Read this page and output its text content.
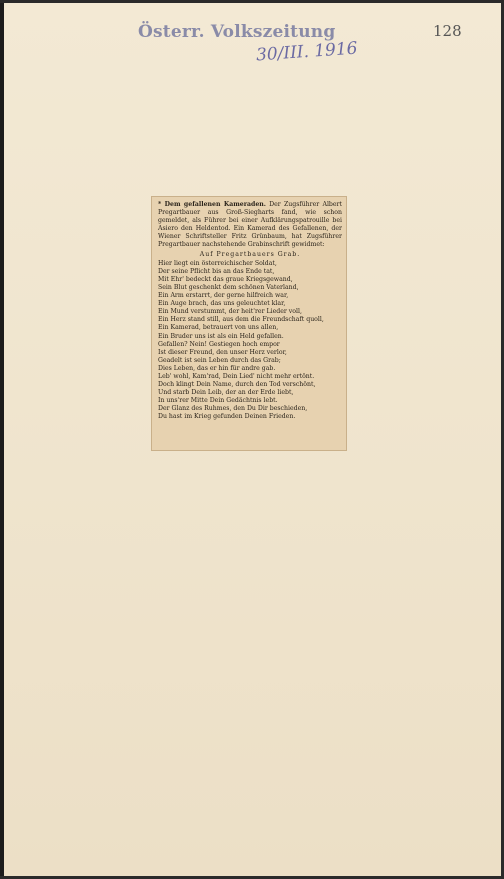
Österr. Volkszeitung
30/III. 1916
128

* Dem gefallenen Kameraden. Der Zugsführer Albert Pregartbauer aus Groß-Siegharts fand, wie schon gemeldet, als Führer bei einer Aufklärungspatrouille bei Asiero den Heldentod. Ein Kamerad des Gefallenen, der Wiener Schriftsteller Fritz Grünbaum, hat Zugsführer Pregartbauer nachstehende Grabinschrift gewidmet:

Auf Pregartbauers Grab.
Hier liegt ein österreichischer Soldat,
Der seine Pflicht bis an das Ende tat,
Mit Ehr' bedeckt das graue Kriegsgewand,
Sein Blut geschenkt dem schönen Vaterland,
Ein Arm erstarrt, der gerne hilfreich war,
Ein Auge brach, das uns geleuchtet klar,
Ein Mund verstummt, der heit'rer Lieder voll,
Ein Herz stand still, aus dem die Freundschaft quoll,
Ein Kamerad, betrauert von uns allen,
Ein Bruder uns ist als ein Held gefallen.
Gefallen? Nein! Gestiegen hoch empor
Ist dieser Freund, den unser Herz verlor,
Geadelt ist sein Leben durch das Grab;
Dies Leben, das er hin für andre gab.
Leb' wohl, Kam'rad, Dein Lied' nicht mehr ertönt.
Doch klingt Dein Name, durch den Tod verschönt,
Und starb Dein Leib, der an der Erde liebt,
In uns'rer Mitte Dein Gedächtnis lebt.
Der Glanz des Ruhmes, den Du Dir beschieden,
Du hast im Krieg gefunden Deinen Frieden.
